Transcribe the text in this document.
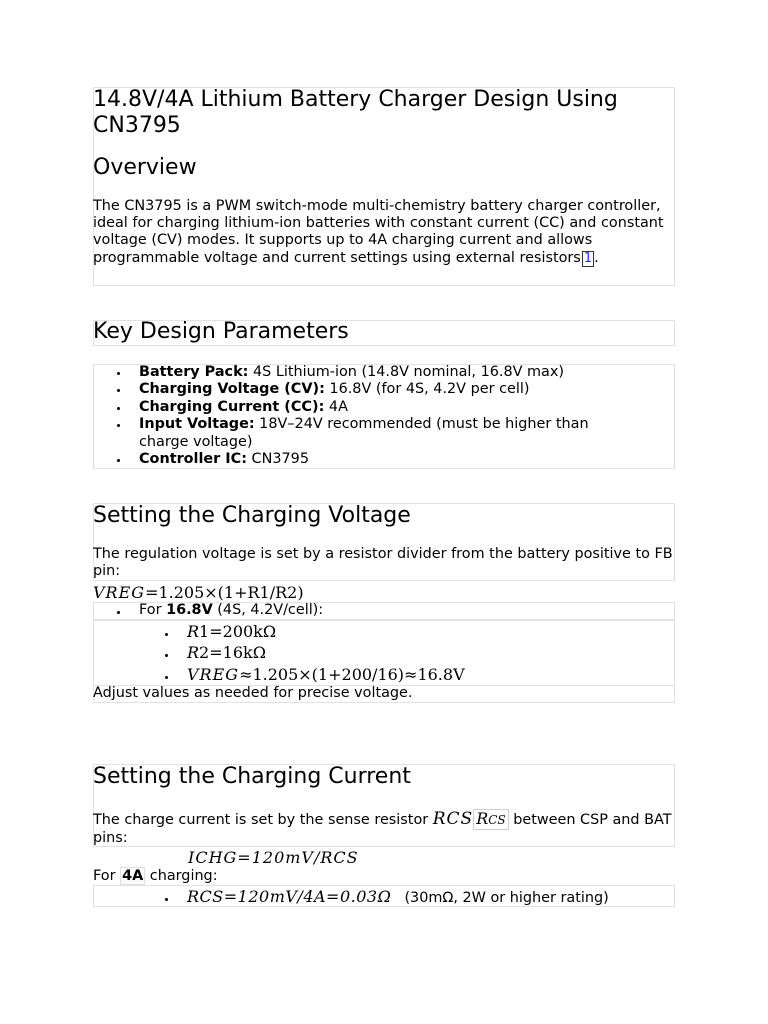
14.8V/4A Lithium Battery Charger Design Using
CN3795
Overview
The CN3795 is a PWM switch-mode multi-chemistry battery charger controller, ideal for charging lithium-ion batteries with constant current (CC) and constant voltage (CV) modes. It supports up to 4A charging current and allows programmable voltage and current settings using external resistors 1 .
Key Design Parameters
Battery Pack: 4S Lithium-ion (14.8V nominal, 16.8V max)
Charging Voltage (CV): 16.8V (for 4S, 4.2V per cell)
Charging Current (CC): 4A
Input Voltage: 18V–24V recommended (must be higher than charge voltage)
Controller IC: CN3795
Setting the Charging Voltage
The regulation voltage is set by a resistor divider from the battery positive to FB pin:
VREG=1.205×(1+R1/R2)
For 16.8V (4S, 4.2V/cell):
R1=200kΩ
R2=16kΩ
VREG≈1.205×(1+200/16)≈16.8V
Adjust values as needed for precise voltage.
Setting the Charging Current
The charge current is set by the sense resistor RCS RCS between CSP and BAT pins:
ICHG=120mV/RCS
For 4A charging:
RCS=120mV/4A=0.03Ω (30mΩ, 2W or higher rating)
